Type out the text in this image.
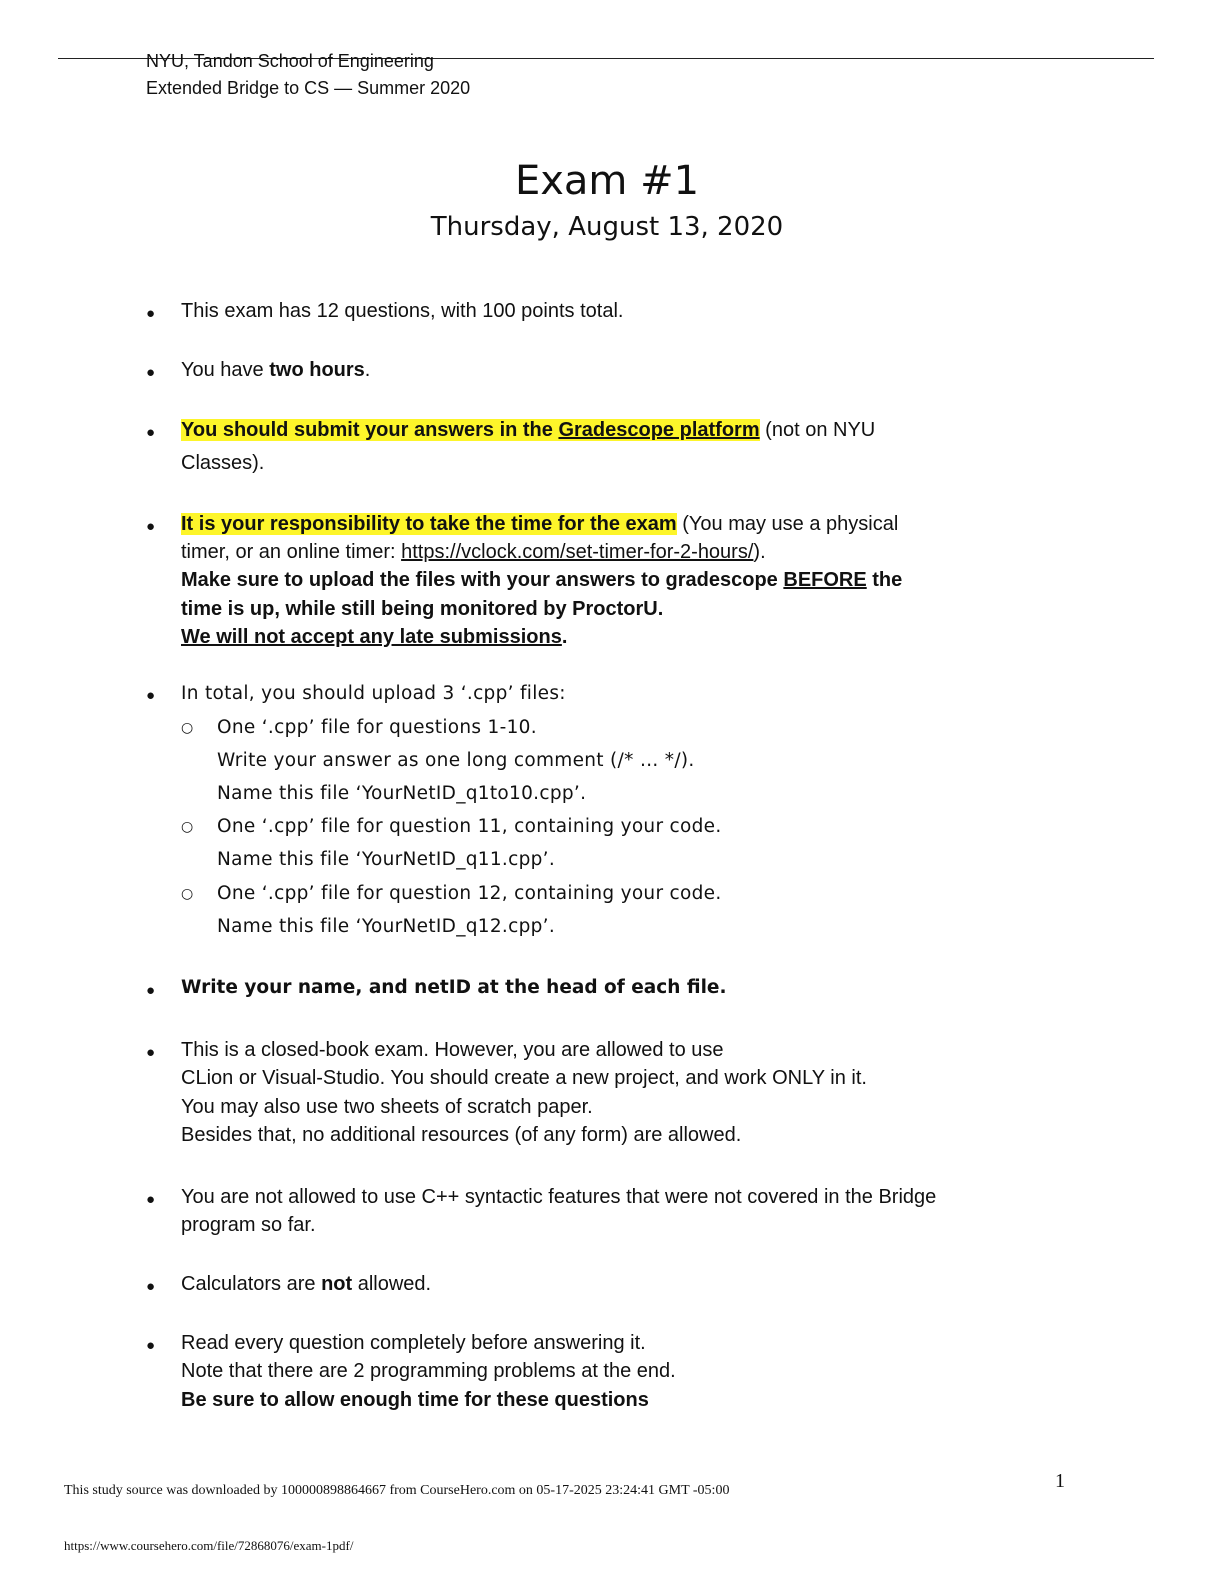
NYU, Tandon School of Engineering
Extended Bridge to CS — Summer 2020
Exam #1
Thursday, August 13, 2020
● This exam has 12 questions, with 100 points total.
● You have two hours.
● You should submit your answers in the Gradescope platform (not on NYU
Classes).
● It is your responsibility to take the time for the exam (You may use a physical
timer, or an online timer: https://vclock.com/set-timer-for-2-hours/).
Make sure to upload the files with your answers to gradescope BEFORE the
time is up, while still being monitored by ProctorU.
We will not accept any late submissions.
● In total, you should upload 3 ‘.cpp’ files:
○ One ‘.cpp’ file for questions 1-10.
Write your answer as one long comment (/* … */).
Name this file ‘YourNetID_q1to10.cpp’.
○ One ‘.cpp’ file for question 11, containing your code.
Name this file ‘YourNetID_q11.cpp’.
○ One ‘.cpp’ file for question 12, containing your code.
Name this file ‘YourNetID_q12.cpp’.
● Write your name, and netID at the head of each file.
● This is a closed-book exam. However, you are allowed to use
CLion or Visual-Studio. You should create a new project, and work ONLY in it.
You may also use two sheets of scratch paper.
Besides that, no additional resources (of any form) are allowed.
● You are not allowed to use C++ syntactic features that were not covered in the Bridge
program so far.
● Calculators are not allowed.
● Read every question completely before answering it.
Note that there are 2 programming problems at the end.
Be sure to allow enough time for these questions
This study source was downloaded by 100000898864667 from CourseHero.com on 05-17-2025 23:24:41 GMT -05:00	1
https://www.coursehero.com/file/72868076/exam-1pdf/
